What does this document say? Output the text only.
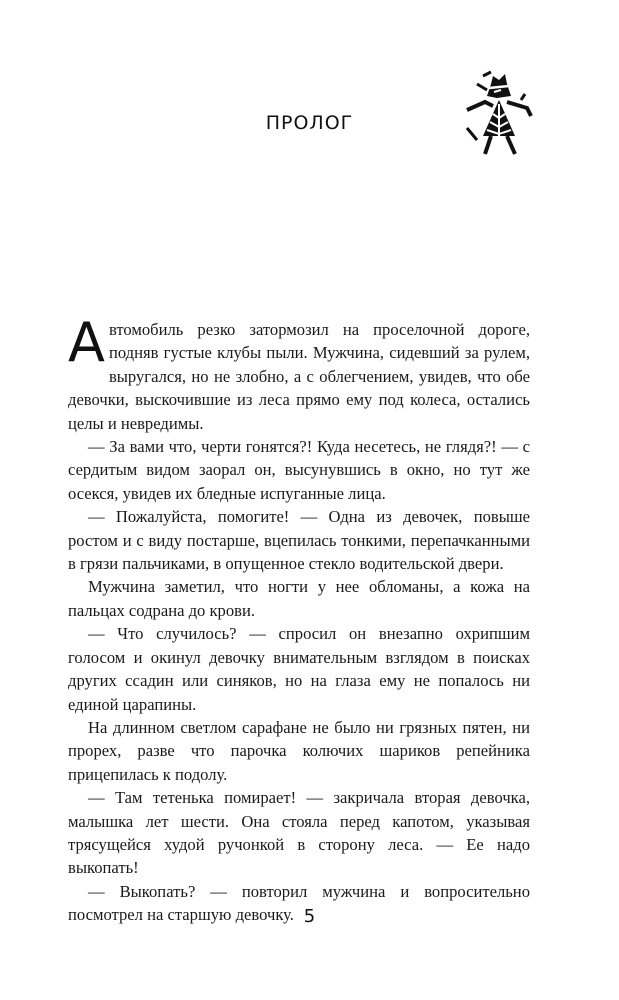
ПРОЛОГ

Автомобиль резко затормозил на проселочной дороге, подняв густые клубы пыли. Мужчина, сидевший за рулем, выругался, но не злобно, а с облегчением, увидев, что обе девочки, выскочившие из леса прямо ему под колеса, остались целы и невредимы.

— За вами что, черти гонятся?! Куда несетесь, не глядя?! — с сердитым видом заорал он, высунувшись в окно, но тут же осекся, увидев их бледные испуганные лица.

— Пожалуйста, помогите! — Одна из девочек, повыше ростом и с виду постарше, вцепилась тонкими, перепачканными в грязи пальчиками, в опущенное стекло водительской двери.

Мужчина заметил, что ногти у нее обломаны, а кожа на пальцах содрана до крови.

— Что случилось? — спросил он внезапно охрипшим голосом и окинул девочку внимательным взглядом в поисках других ссадин или синяков, но на глаза ему не попалось ни единой царапины.

На длинном светлом сарафане не было ни грязных пятен, ни прорех, разве что парочка колючих шариков репейника прицепилась к подолу.

— Там тетенька помирает! — закричала вторая девочка, малышка лет шести. Она стояла перед капотом, указывая трясущейся худой ручонкой в сторону леса. — Ее надо выкопать!

— Выкопать? — повторил мужчина и вопросительно посмотрел на старшую девочку. 5
